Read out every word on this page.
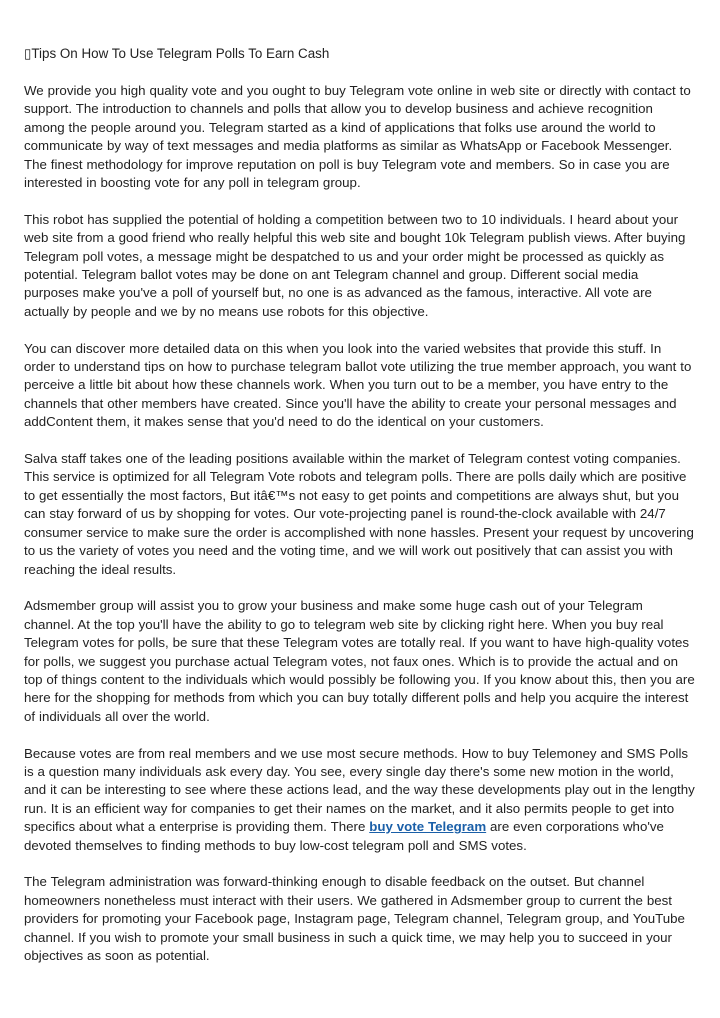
▯Tips On How To Use Telegram Polls To Earn Cash

We provide you high quality vote and you ought to buy Telegram vote online in web site or directly with contact to support. The introduction to channels and polls that allow you to develop business and achieve recognition among the people around you. Telegram started as a kind of applications that folks use around the world to communicate by way of text messages and media platforms as similar as WhatsApp or Facebook Messenger. The finest methodology for improve reputation on poll is buy Telegram vote and members. So in case you are interested in boosting vote for any poll in telegram group.

This robot has supplied the potential of holding a competition between two to 10 individuals. I heard about your web site from a good friend who really helpful this web site and bought 10k Telegram publish views. After buying Telegram poll votes, a message might be despatched to us and your order might be processed as quickly as potential. Telegram ballot votes may be done on ant Telegram channel and group. Different social media purposes make you've a poll of yourself but, no one is as advanced as the famous, interactive. All vote are actually by people and we by no means use robots for this objective.

You can discover more detailed data on this when you look into the varied websites that provide this stuff. In order to understand tips on how to purchase telegram ballot vote utilizing the true member approach, you want to perceive a little bit about how these channels work. When you turn out to be a member, you have entry to the channels that other members have created. Since you'll have the ability to create your personal messages and addContent them, it makes sense that you'd need to do the identical on your customers.

Salva staff takes one of the leading positions available within the market of Telegram contest voting companies. This service is optimized for all Telegram Vote robots and telegram polls. There are polls daily which are positive to get essentially the most factors, But itâ€™s not easy to get points and competitions are always shut, but you can stay forward of us by shopping for votes. Our vote-projecting panel is round-the-clock available with 24/7 consumer service to make sure the order is accomplished with none hassles. Present your request by uncovering to us the variety of votes you need and the voting time, and we will work out positively that can assist you with reaching the ideal results.

Adsmember group will assist you to grow your business and make some huge cash out of your Telegram channel. At the top you'll have the ability to go to telegram web site by clicking right here. When you buy real Telegram votes for polls, be sure that these Telegram votes are totally real. If you want to have high-quality votes for polls, we suggest you purchase actual Telegram votes, not faux ones. Which is to provide the actual and on top of things content to the individuals which would possibly be following you. If you know about this, then you are here for the shopping for methods from which you can buy totally different polls and help you acquire the interest of individuals all over the world.

Because votes are from real members and we use most secure methods. How to buy Telemoney and SMS Polls is a question many individuals ask every day. You see, every single day there's some new motion in the world, and it can be interesting to see where these actions lead, and the way these developments play out in the lengthy run. It is an efficient way for companies to get their names on the market, and it also permits people to get into specifics about what a enterprise is providing them. There buy vote Telegram are even corporations who've devoted themselves to finding methods to buy low-cost telegram poll and SMS votes.

The Telegram administration was forward-thinking enough to disable feedback on the outset. But channel homeowners nonetheless must interact with their users. We gathered in Adsmember group to current the best providers for promoting your Facebook page, Instagram page, Telegram channel, Telegram group, and YouTube channel. If you wish to promote your small business in such a quick time, we may help you to succeed in your objectives as soon as potential.
